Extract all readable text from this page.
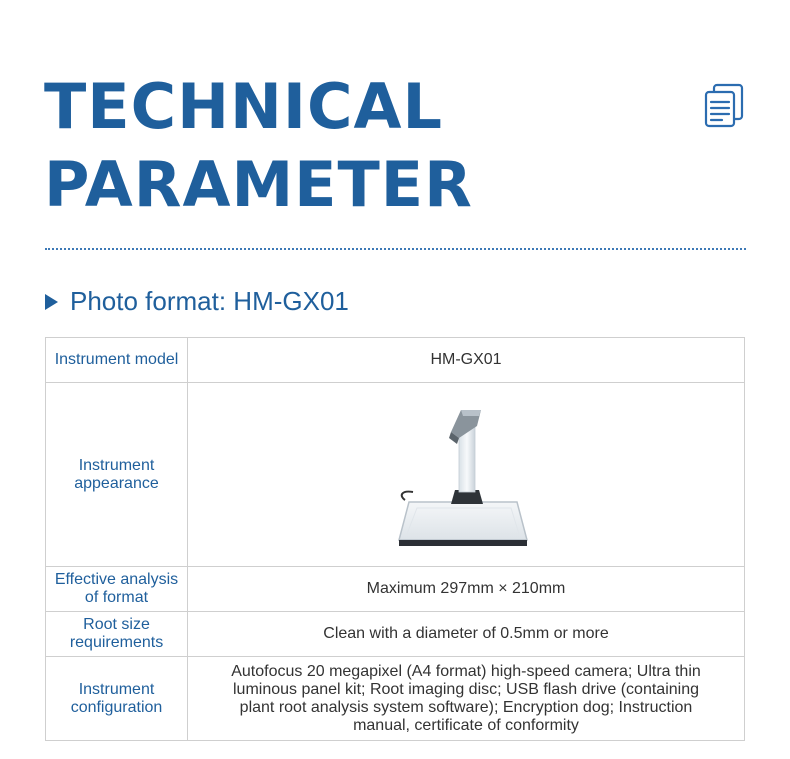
TECHNICAL
PARAMETER
Photo format: HM-GX01
Instrument model	HM-GX01
Instrument appearance	

Effective analysis of format	Maximum 297mm × 210mm
Root size requirements	Clean with a diameter of 0.5mm or more
Instrument configuration	Autofocus 20 megapixel (A4 format) high-speed camera; Ultra thin luminous panel kit; Root imaging disc; USB flash drive (containing plant root analysis system software); Encryption dog; Instruction manual, certificate of conformity
